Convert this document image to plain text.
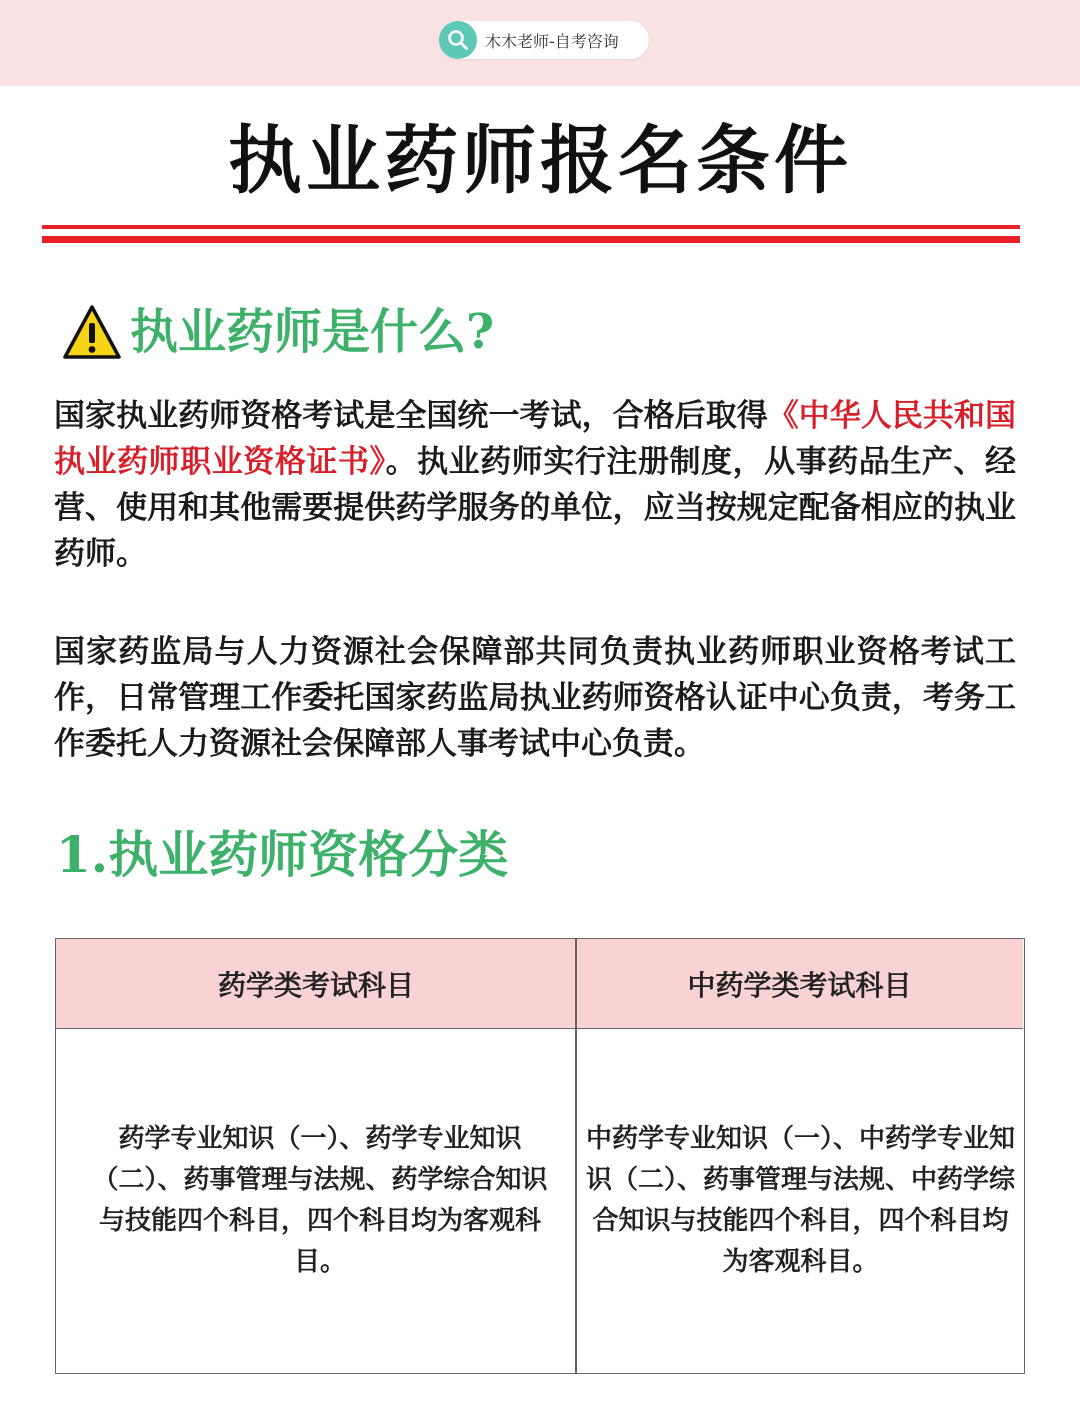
木木老师-自考咨询
执业药师报名条件
执业药师是什么?
国家执业药师资格考试是全国统一考试，合格后取得《中华人民共和国执业药师职业资格证书》。执业药师实行注册制度，从事药品生产、经营、使用和其他需要提供药学服务的单位，应当按规定配备相应的执业药师。
国家药监局与人力资源社会保障部共同负责执业药师职业资格考试工作，日常管理工作委托国家药监局执业药师资格认证中心负责，考务工作委托人力资源社会保障部人事考试中心负责。
1.执业药师资格分类
药学类考试科目	中药学类考试科目
药学专业知识（一）、药学专业知识（二）、药事管理与法规、药学综合知识与技能四个科目，四个科目均为客观科目。
中药学专业知识（一）、中药学专业知识（二）、药事管理与法规、中药学综合知识与技能四个科目，四个科目均为客观科目。
